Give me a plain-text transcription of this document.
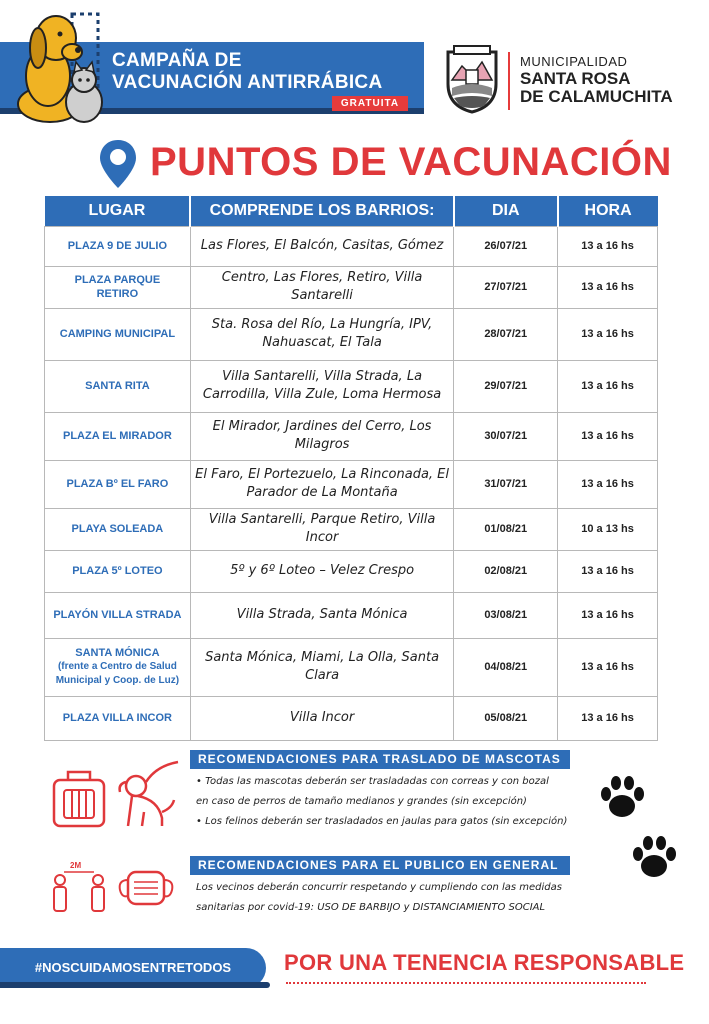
CAMPAÑA DE
VACUNACIÓN ANTIRRÁBICA
GRATUITA
MUNICIPALIDAD
SANTA ROSA
DE CALAMUCHITA
PUNTOS DE VACUNACIÓN
LUGAR	COMPRENDE LOS BARRIOS:	DIA	HORA
PLAZA 9 DE JULIO	Las Flores, El Balcón, Casitas, Gómez	26/07/21	13 a 16 hs
PLAZA PARQUE RETIRO	Centro, Las Flores, Retiro, Villa Santarelli	27/07/21	13 a 16 hs
CAMPING MUNICIPAL	Sta. Rosa del Río, La Hungría, IPV, Nahuascat, El Tala	28/07/21	13 a 16 hs
SANTA RITA	Villa Santarelli, Villa Strada, La Carrodilla, Villa Zule, Loma Hermosa	29/07/21	13 a 16 hs
PLAZA EL MIRADOR	El Mirador, Jardines del Cerro, Los Milagros	30/07/21	13 a 16 hs
PLAZA Bº EL FARO	El Faro, El Portezuelo, La Rinconada, El Parador de La Montaña	31/07/21	13 a 16 hs
PLAYA SOLEADA	Villa Santarelli, Parque Retiro, Villa Incor	01/08/21	10 a 13 hs
PLAZA 5º LOTEO	5º y 6º Loteo – Velez Crespo	02/08/21	13 a 16 hs
PLAYÓN VILLA STRADA	Villa Strada, Santa Mónica	03/08/21	13 a 16 hs

SANTA MÓNICA
(frente a Centro de Salud Municipal y Coop. de Luz)	Santa Mónica, Miami, La Olla, Santa Clara	04/08/21	13 a 16 hs
PLAZA VILLA INCOR	Villa Incor	05/08/21	13 a 16 hs
RECOMENDACIONES PARA TRASLADO DE MASCOTAS
• Todas las mascotas deberán ser trasladadas con correas y con bozal
en caso de perros de tamaño medianos y grandes (sin excepción)
• Los felinos deberán ser trasladados en jaulas para gatos (sin excepción)
2M	RECOMENDACIONES PARA EL PUBLICO EN GENERAL
Los vecinos deberán concurrir respetando y cumpliendo con las medidas
sanitarias por covid-19: USO DE BARBIJO y DISTANCIAMIENTO SOCIAL
#NOSCUIDAMOSENTRETODOS	POR UNA TENENCIA RESPONSABLE
